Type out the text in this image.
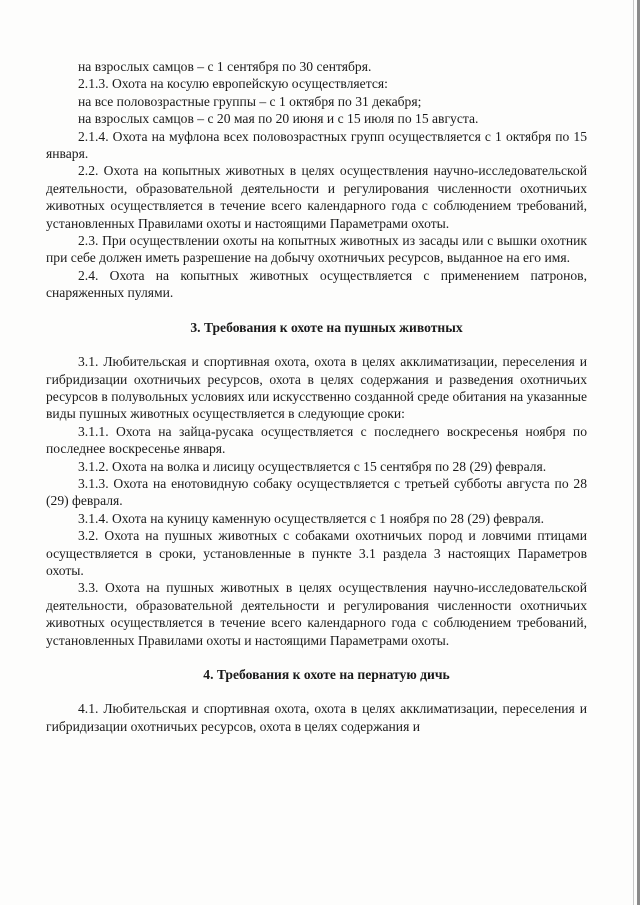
на взрослых самцов – с 1 сентября по 30 сентября.

2.1.3. Охота на косулю европейскую осуществляется:

на все половозрастные группы – с 1 октября по 31 декабря;

на взрослых самцов – с 20 мая по 20 июня и с 15 июля по 15 августа.

2.1.4. Охота на муфлона всех половозрастных групп осуществляется с 1 октября по 15 января.

2.2. Охота на копытных животных в целях осуществления научно-исследовательской деятельности, образовательной деятельности и регулирования численности охотничьих животных осуществляется в течение всего календарного года с соблюдением требований, установленных Правилами охоты и настоящими Параметрами охоты.

2.3. При осуществлении охоты на копытных животных из засады или с вышки охотник при себе должен иметь разрешение на добычу охотничьих ресурсов, выданное на его имя.

2.4. Охота на копытных животных осуществляется с применением патронов, снаряженных пулями.

3. Требования к охоте на пушных животных

3.1. Любительская и спортивная охота, охота в целях акклиматизации, переселения и гибридизации охотничьих ресурсов, охота в целях содержания и разведения охотничьих ресурсов в полувольных условиях или искусственно созданной среде обитания на указанные виды пушных животных осуществляется в следующие сроки:

3.1.1. Охота на зайца-русака осуществляется с последнего воскресенья ноября по последнее воскресенье января.

3.1.2. Охота на волка и лисицу осуществляется с 15 сентября по 28 (29) февраля.

3.1.3. Охота на енотовидную собаку осуществляется с третьей субботы августа по 28 (29) февраля.

3.1.4. Охота на куницу каменную осуществляется с 1 ноября по 28 (29) февраля.

3.2. Охота на пушных животных с собаками охотничьих пород и ловчими птицами осуществляется в сроки, установленные в пункте 3.1 раздела 3 настоящих Параметров охоты.

3.3. Охота на пушных животных в целях осуществления научно-исследовательской деятельности, образовательной деятельности и регулирования численности охотничьих животных осуществляется в течение всего календарного года с соблюдением требований, установленных Правилами охоты и настоящими Параметрами охоты.

4. Требования к охоте на пернатую дичь

4.1. Любительская и спортивная охота, охота в целях акклиматизации, переселения и гибридизации охотничьих ресурсов, охота в целях содержания и
